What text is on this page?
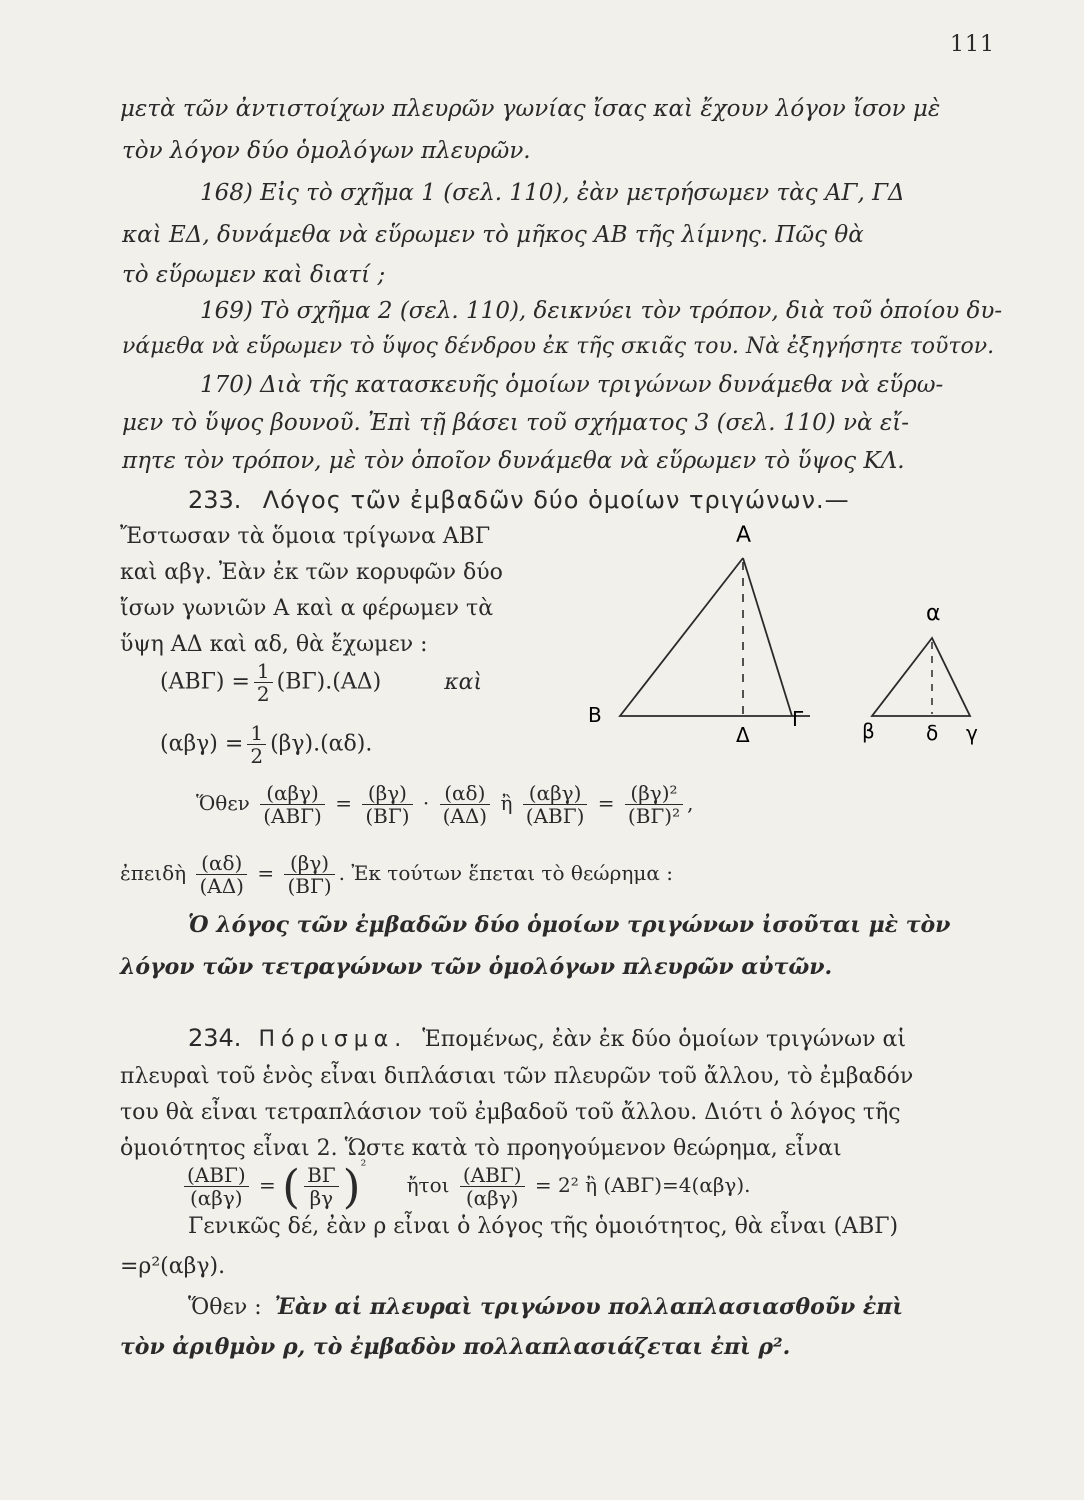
111
μετὰ τῶν ἀντιστοίχων πλευρῶν γωνίας ἴσας καὶ ἔχουν λόγον ἴσον μὲ
τὸν λόγον δύο ὁμολόγων πλευρῶν.
168) Εἰς τὸ σχῆμα 1 (σελ. 110), ἐὰν μετρήσωμεν τὰς ΑΓ, ΓΔ
καὶ ΕΔ, δυνάμεθα νὰ εὕρωμεν τὸ μῆκος ΑΒ τῆς λίμνης. Πῶς θὰ
τὸ εὕρωμεν καὶ διατί ;
169) Τὸ σχῆμα 2 (σελ. 110), δεικνύει τὸν τρόπον, διὰ τοῦ ὁποίου δυ-
νάμεθα νὰ εὕρωμεν τὸ ὕψος δένδρου ἐκ τῆς σκιᾶς του. Νὰ ἐξηγήσητε τοῦτον.
170) Διὰ τῆς κατασκευῆς ὁμοίων τριγώνων δυνάμεθα νὰ εὕρω-
μεν τὸ ὕψος βουνοῦ. Ἐπὶ τῇ βάσει τοῦ σχήματος 3 (σελ. 110) νὰ εἴ-
πητε τὸν τρόπον, μὲ τὸν ὁποῖον δυνάμεθα νὰ εὕρωμεν τὸ ὕψος ΚΛ.
233. Λόγος τῶν ἐμβαδῶν δύο ὁμοίων τριγώνων.—
Ἔστωσαν τὰ ὅμοια τρίγωνα ΑΒΓ
καὶ αβγ. Ἐὰν ἐκ τῶν κορυφῶν δύο
ἴσων γωνιῶν Α καὶ α φέρωμεν τὰ
ὕψη ΑΔ καὶ αδ, θὰ ἔχωμεν :
$(AB\Gamma) = \frac{1}{2} (B\Gamma).(A\Delta)$	καὶ
$(\alpha\beta\gamma) = \frac{1}{2} (\beta\gamma).(\alpha\delta)$.
Α
Β	Γ
Δ
α
β	δ γ
Ὅθεν $\frac{\text{(αβγ)}}{\text{(ΑΒΓ)}} = \frac{(\beta\gamma)}{(B\Gamma)} \cdot \frac{(\alpha\delta)}{(A\Delta)}$ ἢ $\frac{\text{(αβγ)}}{\text{(ΑΒΓ)}} = \frac{\text{(βγ)²}}{\text{(ΒΓ)²}}$ ,
ἐπειδὴ $\frac{(\alpha\delta)}{(A\Delta)} = \frac{(\beta\gamma)}{(B\Gamma)}$ . Ἐκ τούτων ἕπεται τὸ θεώρημα :
Ὁ λόγος τῶν ἐμβαδῶν δύο ὁμοίων τριγώνων ἰσοῦται μὲ τὸν
λόγον τῶν τετραγώνων τῶν ὁμολόγων πλευρῶν αὐτῶν.
234. Πόρισμα. Ἑπομένως, ἐὰν ἐκ δύο ὁμοίων τριγώνων αἱ
πλευραὶ τοῦ ἑνὸς εἶναι διπλάσιαι τῶν πλευρῶν τοῦ ἄλλου, τὸ ἐμβαδόν
του θὰ εἶναι τετραπλάσιον τοῦ ἐμβαδοῦ τοῦ ἄλλου. Διότι ὁ λόγος τῆς
ὁμοιότητος εἶναι 2. Ὥστε κατὰ τὸ προηγούμενον θεώρημα, εἶναι
$\frac{\text{(ΑΒΓ)}}{\text{(αβγ)}}$ = ( $\frac{B\Gamma}{\beta\gamma} )^{^2}$ ἤτοι $\frac{\text{(ΑΒΓ)}}{\text{(αβγ)}} = 2^2$ ἢ (ΑΒΓ)=4(αβγ).
Γενικῶς δέ, ἐὰν ρ εἶναι ὁ λόγος τῆς ὁμοιότητος, θὰ εἶναι (ΑΒΓ)
=ρ²(αβγ).
Ὅθεν : Ἐὰν αἱ πλευραὶ τριγώνου πολλαπλασιασθοῦν ἐπὶ
τὸν ἀριθμὸν ρ, τὸ ἐμβαδὸν πολλαπλασιάζεται ἐπὶ ρ².
